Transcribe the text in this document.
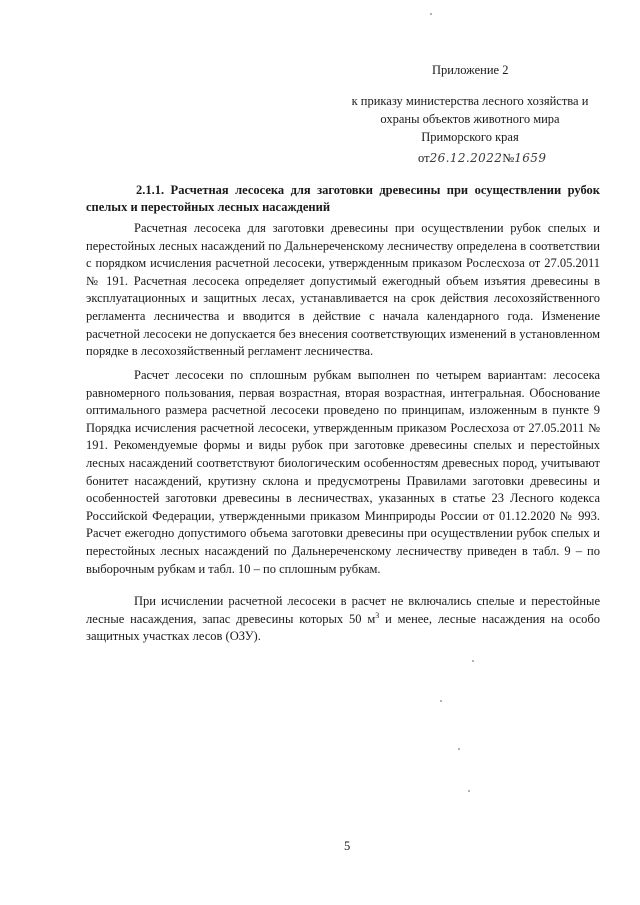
Приложение 2

к приказу министерства лесного хозяйства и
охраны объектов животного мира
Приморского края

от26.12.2022№1659

2.1.1. Расчетная лесосека для заготовки древесины при осуществлении рубок спелых и перестойных лесных насаждений

Расчетная лесосека для заготовки древесины при осуществлении рубок спелых и перестойных лесных насаждений по Дальнереченскому лесничеству определена в соответствии с порядком исчисления расчетной лесосеки, утвержденным приказом Рослесхоза от 27.05.2011 № 191. Расчетная лесосека определяет допустимый ежегодный объем изъятия древесины в эксплуатационных и защитных лесах, устанавливается на срок действия лесохозяйственного регламента лесничества и вводится в действие с начала календарного года. Изменение расчетной лесосеки не допускается без внесения соответствующих изменений в установленном порядке в лесохозяйственный регламент лесничества.

Расчет лесосеки по сплошным рубкам выполнен по четырем вариантам: лесосека равномерного пользования, первая возрастная, вторая возрастная, интегральная. Обоснование оптимального размера расчетной лесосеки проведено по принципам, изложенным в пункте 9 Порядка исчисления расчетной лесосеки, утвержденным приказом Рослесхоза от 27.05.2011 № 191. Рекомендуемые формы и виды рубок при заготовке древесины спелых и перестойных лесных насаждений соответствуют биологическим особенностям древесных пород, учитывают бонитет насаждений, крутизну склона и предусмотрены Правилами заготовки древесины и особенностей заготовки древесины в лесничествах, указанных в статье 23 Лесного кодекса Российской Федерации, утвержденными приказом Минприроды России от 01.12.2020 № 993. Расчет ежегодно допустимого объема заготовки древесины при осуществлении рубок спелых и перестойных лесных насаждений по Дальнереченскому лесничеству приведен в табл. 9 – по выборочным рубкам и табл. 10 – по сплошным рубкам.

При исчислении расчетной лесосеки в расчет не включались спелые и перестойные лесные насаждения, запас древесины которых 50 $м^3$ и менее, лесные насаждения на особо защитных участках лесов (ОЗУ).

5
